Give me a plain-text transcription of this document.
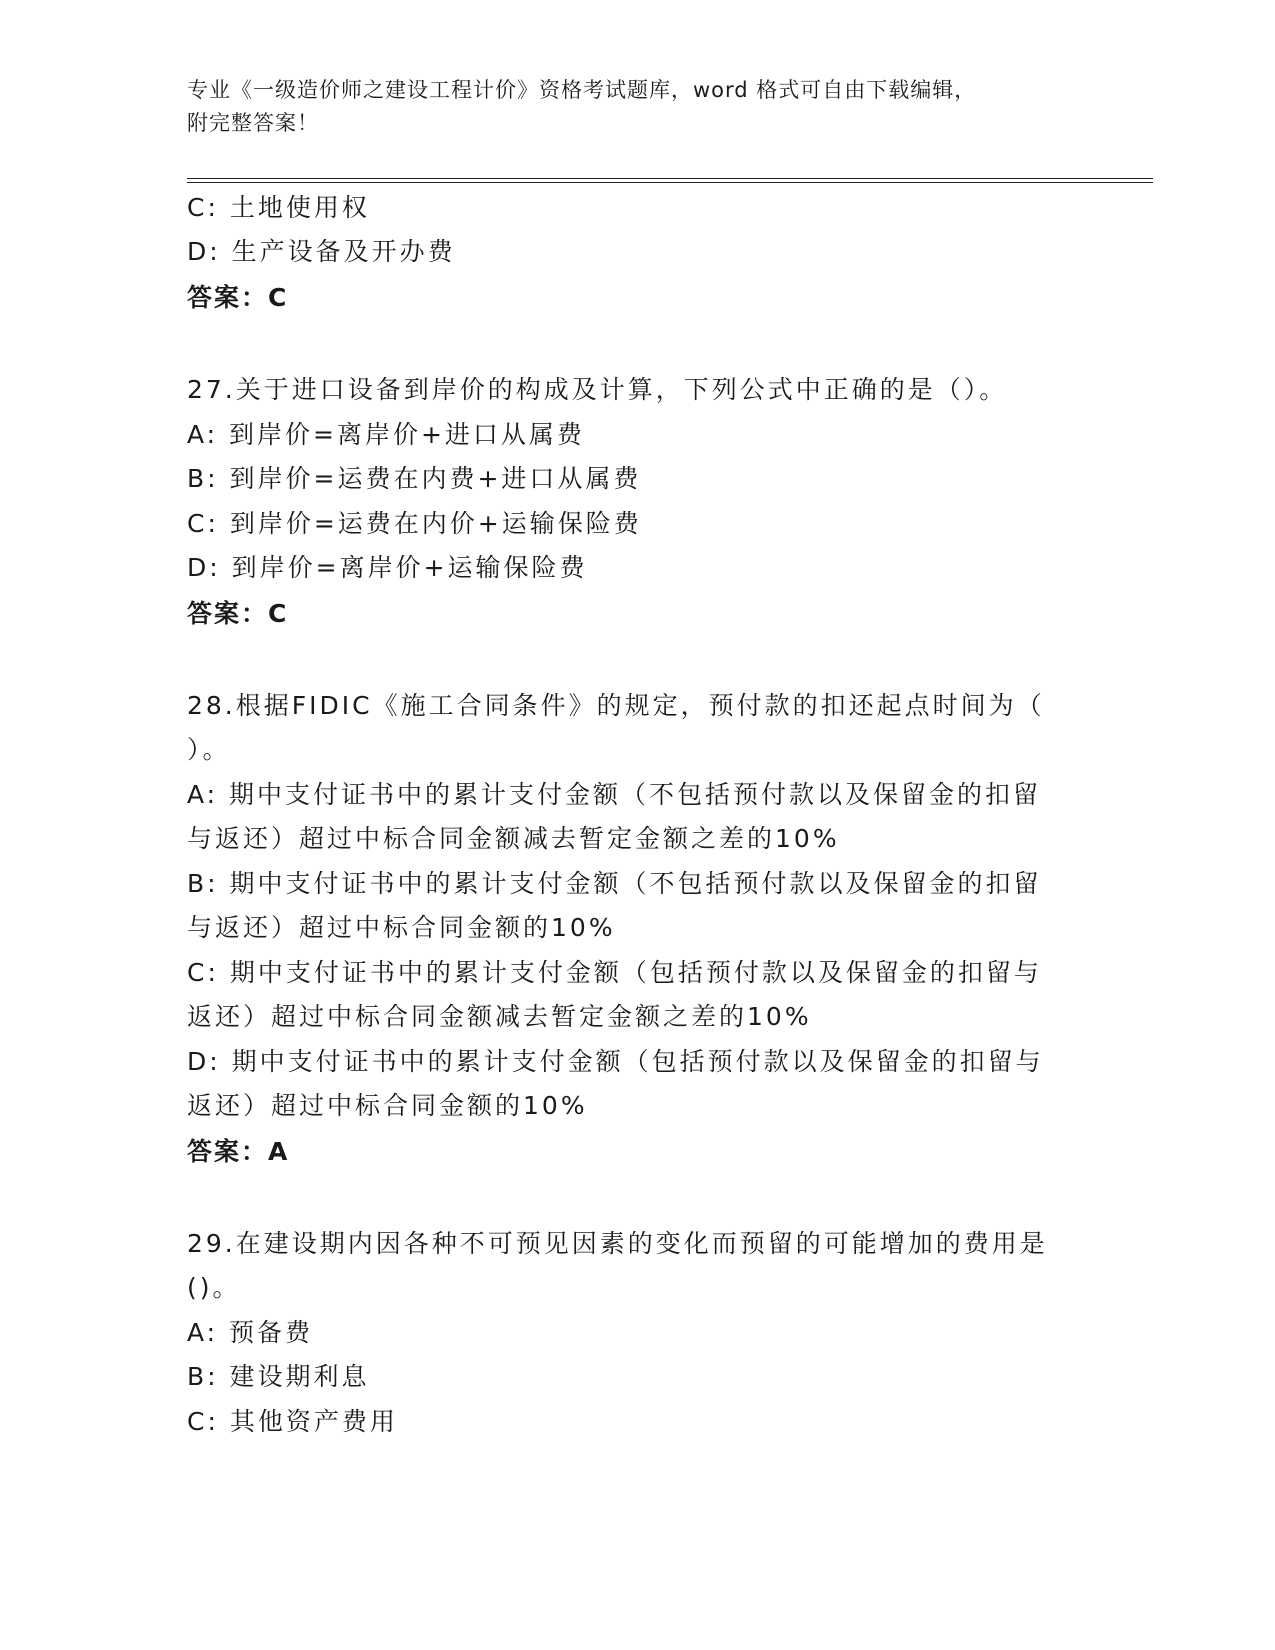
专业《一级造价师之建设工程计价》资格考试题库，word 格式可自由下载编辑，
附完整答案！
C: 土地使用权
D: 生产设备及开办费
答案：C
27.关于进口设备到岸价的构成及计算，下列公式中正确的是（）。
A: 到岸价=离岸价+进口从属费
B: 到岸价=运费在内费+进口从属费
C: 到岸价=运费在内价+运输保险费
D: 到岸价=离岸价+运输保险费
答案：C
28.根据FIDIC《施工合同条件》的规定，预付款的扣还起点时间为（
）。
A: 期中支付证书中的累计支付金额（不包括预付款以及保留金的扣留
与返还）超过中标合同金额减去暂定金额之差的10%
B: 期中支付证书中的累计支付金额（不包括预付款以及保留金的扣留
与返还）超过中标合同金额的10%
C: 期中支付证书中的累计支付金额（包括预付款以及保留金的扣留与
返还）超过中标合同金额减去暂定金额之差的10%
D: 期中支付证书中的累计支付金额（包括预付款以及保留金的扣留与
返还）超过中标合同金额的10%
答案：A
29.在建设期内因各种不可预见因素的变化而预留的可能增加的费用是
()。
A: 预备费
B: 建设期利息
C: 其他资产费用
